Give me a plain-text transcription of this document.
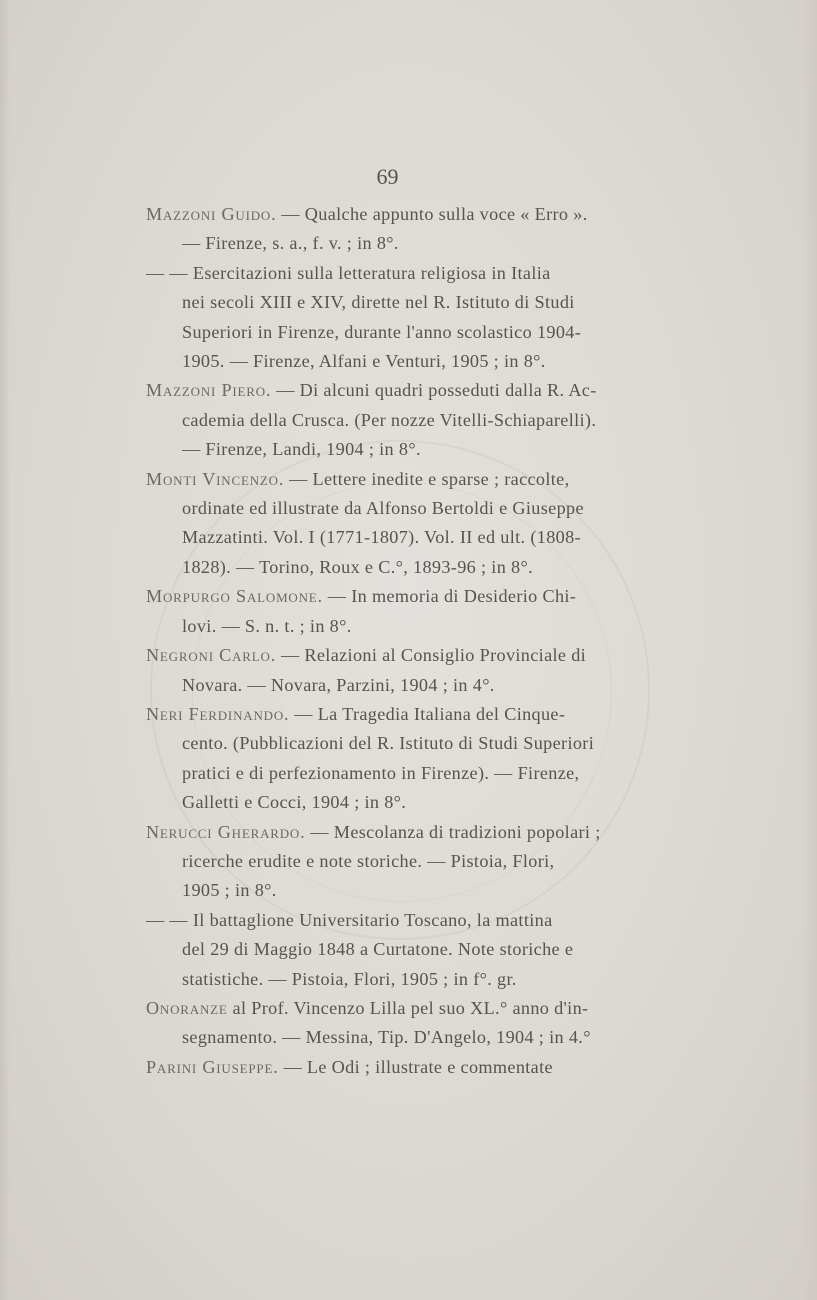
69
Mazzoni Guido. — Qualche appunto sulla voce « Erro ».
— Firenze, s. a., f. v. ; in 8°.
— — Esercitazioni sulla letteratura religiosa in Italia
nei secoli XIII e XIV, dirette nel R. Istituto di Studi
Superiori in Firenze, durante l'anno scolastico 1904-
1905. — Firenze, Alfani e Venturi, 1905 ; in 8°.
Mazzoni Piero. — Di alcuni quadri posseduti dalla R. Ac-
cademia della Crusca. (Per nozze Vitelli-Schiaparelli).
— Firenze, Landi, 1904 ; in 8°.
Monti Vincenzo. — Lettere inedite e sparse ; raccolte,
ordinate ed illustrate da Alfonso Bertoldi e Giuseppe
Mazzatinti. Vol. I (1771-1807). Vol. II ed ult. (1808-
1828). — Torino, Roux e C.°, 1893-96 ; in 8°.
Morpurgo Salomone. — In memoria di Desiderio Chi-
lovi. — S. n. t. ; in 8°.
Negroni Carlo. — Relazioni al Consiglio Provinciale di
Novara. — Novara, Parzini, 1904 ; in 4°.
Neri Ferdinando. — La Tragedia Italiana del Cinque-
cento. (Pubblicazioni del R. Istituto di Studi Superiori
pratici e di perfezionamento in Firenze). — Firenze,
Galletti e Cocci, 1904 ; in 8°.
Nerucci Gherardo. — Mescolanza di tradizioni popolari ;
ricerche erudite e note storiche. — Pistoia, Flori,
1905 ; in 8°.
— — Il battaglione Universitario Toscano, la mattina
del 29 di Maggio 1848 a Curtatone. Note storiche e
statistiche. — Pistoia, Flori, 1905 ; in f°. gr.
Onoranze al Prof. Vincenzo Lilla pel suo XL.° anno d'in-
segnamento. — Messina, Tip. D'Angelo, 1904 ; in 4.°
Parini Giuseppe. — Le Odi ; illustrate e commentate
